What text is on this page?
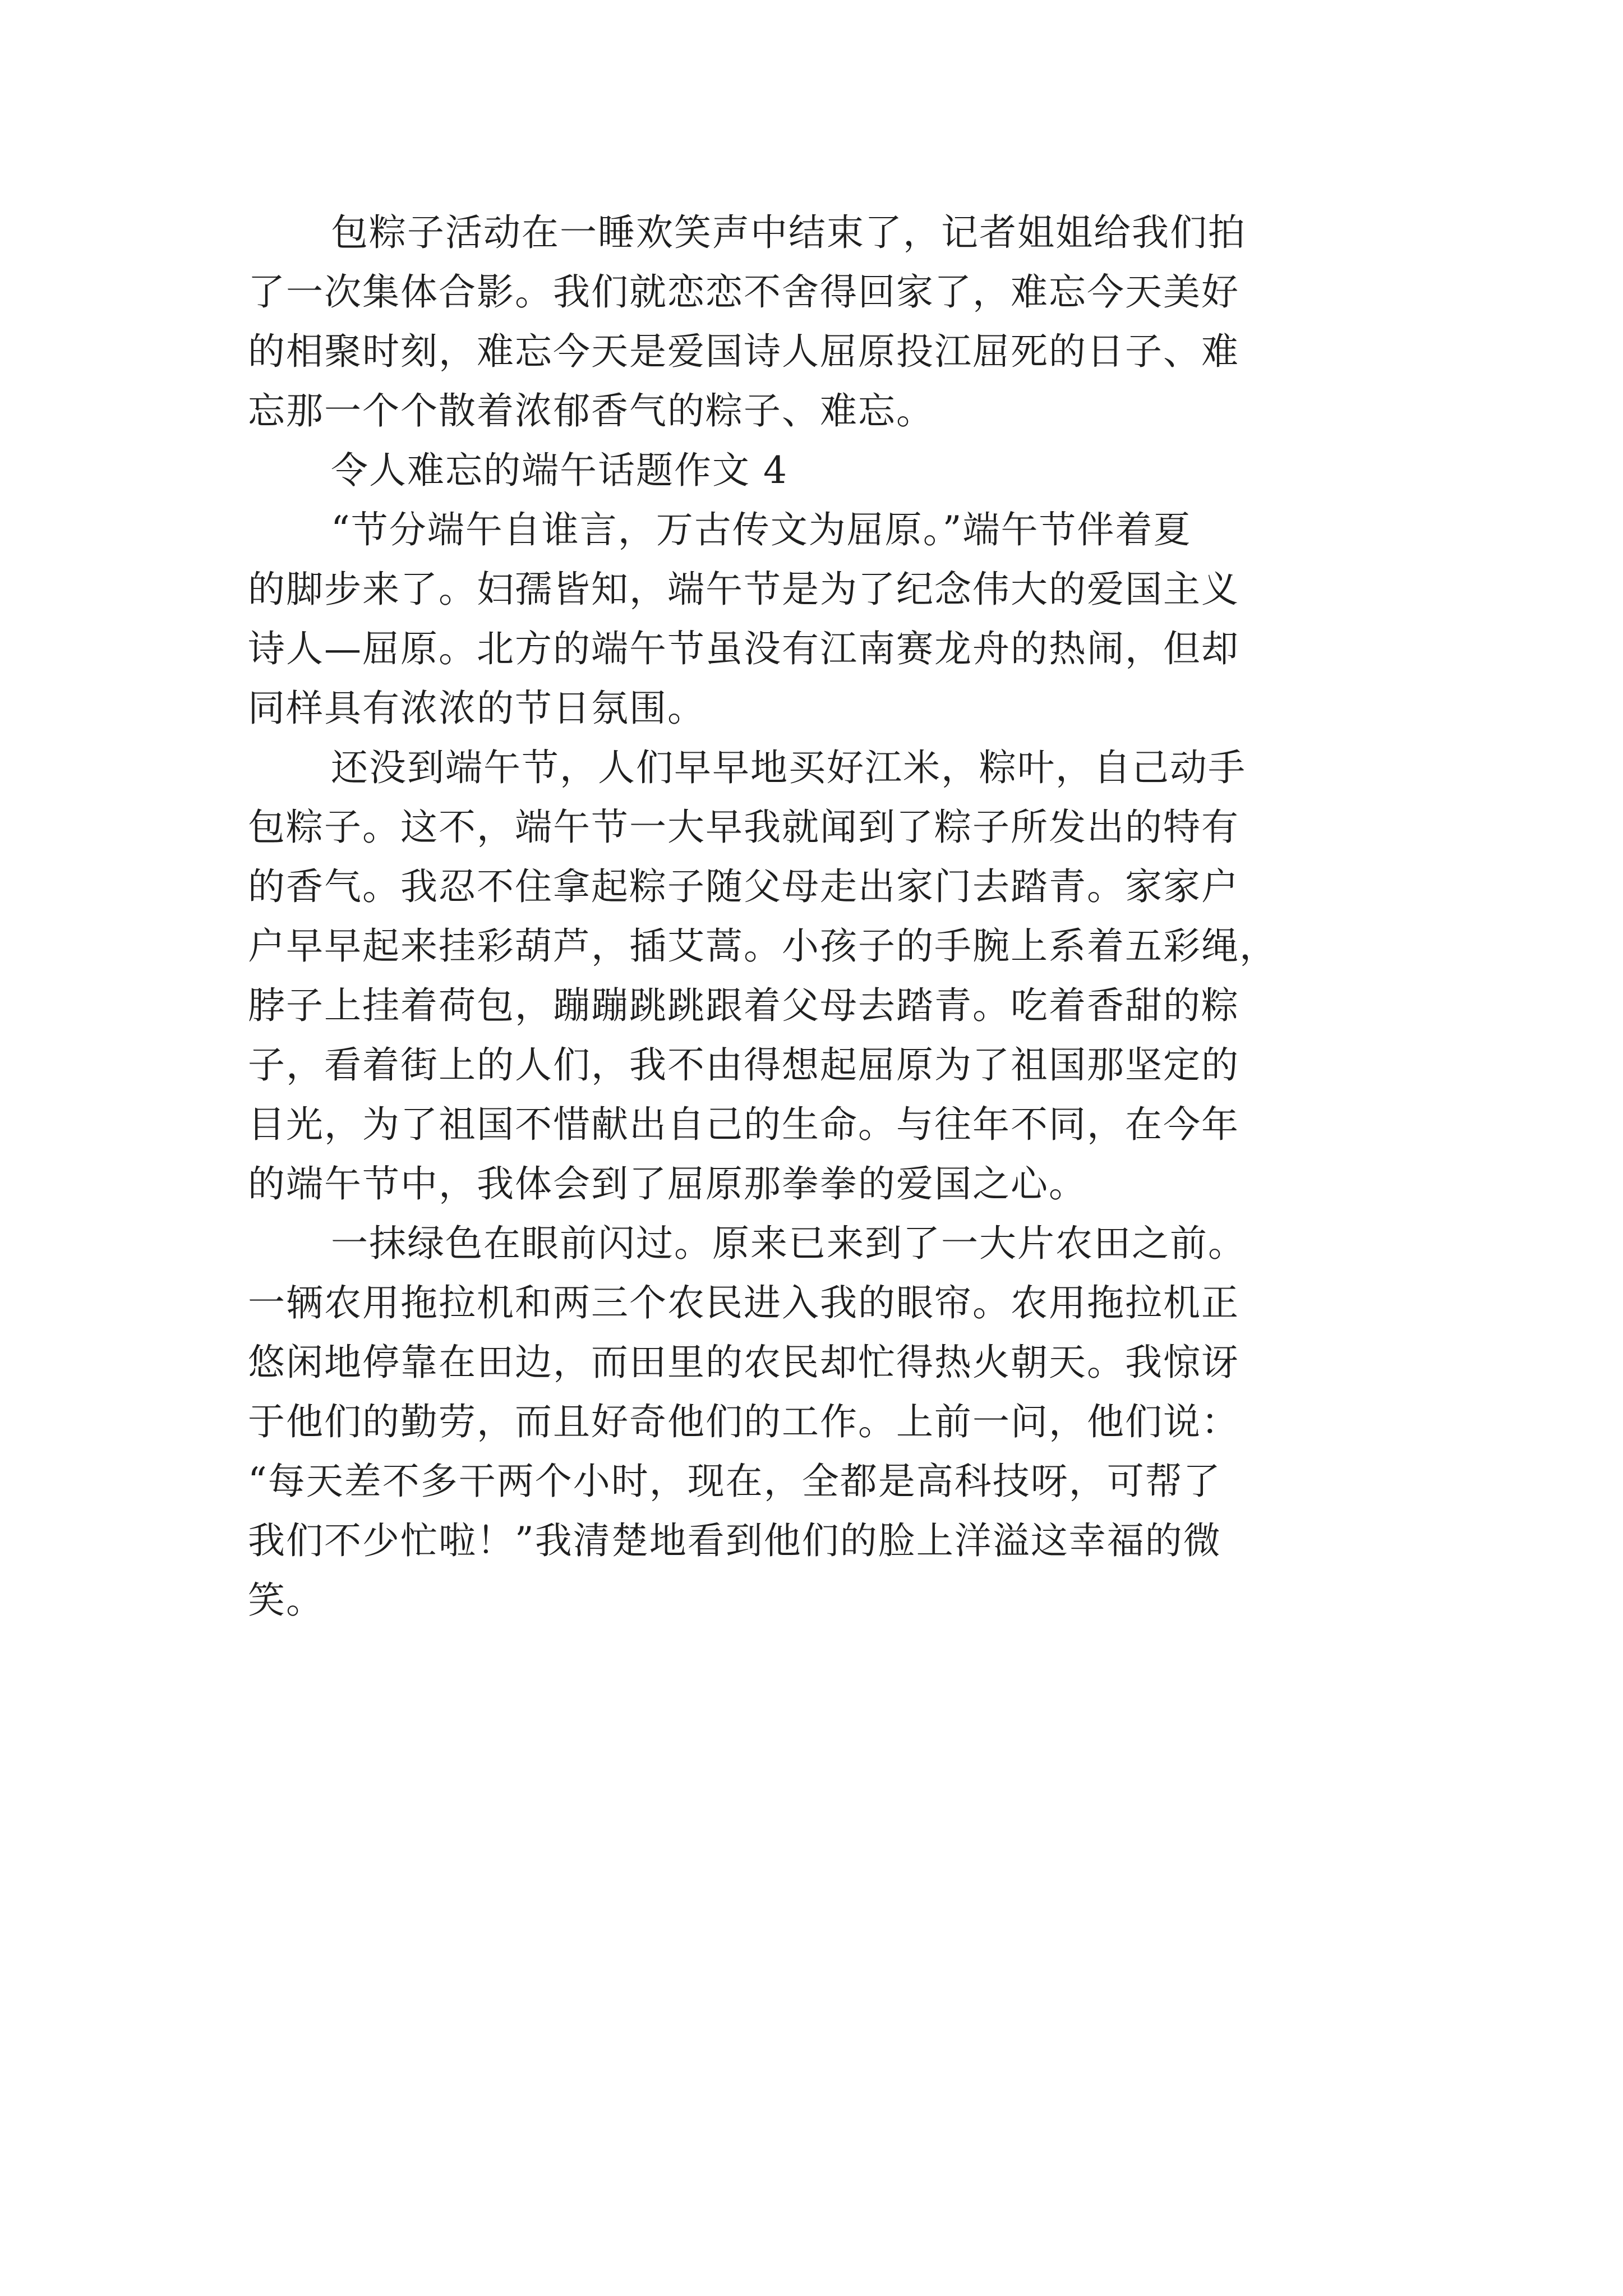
包粽子活动在一睡欢笑声中结束了，记者姐姐给我们拍
了一次集体合影。我们就恋恋不舍得回家了，难忘今天美好
的相聚时刻，难忘今天是爱国诗人屈原投江屈死的日子、难
忘那一个个散着浓郁香气的粽子、难忘。
令人难忘的端午话题作文 4
“节分端午自谁言，万古传文为屈原。”端午节伴着夏
的脚步来了。妇孺皆知，端午节是为了纪念伟大的爱国主义
诗人—屈原。北方的端午节虽没有江南赛龙舟的热闹，但却
同样具有浓浓的节日氛围。
还没到端午节，人们早早地买好江米，粽叶，自己动手
包粽子。这不，端午节一大早我就闻到了粽子所发出的特有
的香气。我忍不住拿起粽子随父母走出家门去踏青。家家户
户早早起来挂彩葫芦，插艾蒿。小孩子的手腕上系着五彩绳，
脖子上挂着荷包，蹦蹦跳跳跟着父母去踏青。吃着香甜的粽
子，看着街上的人们，我不由得想起屈原为了祖国那坚定的
目光，为了祖国不惜献出自己的生命。与往年不同，在今年
的端午节中，我体会到了屈原那拳拳的爱国之心。
一抹绿色在眼前闪过。原来已来到了一大片农田之前。
一辆农用拖拉机和两三个农民进入我的眼帘。农用拖拉机正
悠闲地停靠在田边，而田里的农民却忙得热火朝天。我惊讶
于他们的勤劳，而且好奇他们的工作。上前一问，他们说：
“每天差不多干两个小时，现在，全都是高科技呀，可帮了
我们不少忙啦！”我清楚地看到他们的脸上洋溢这幸福的微
笑。
